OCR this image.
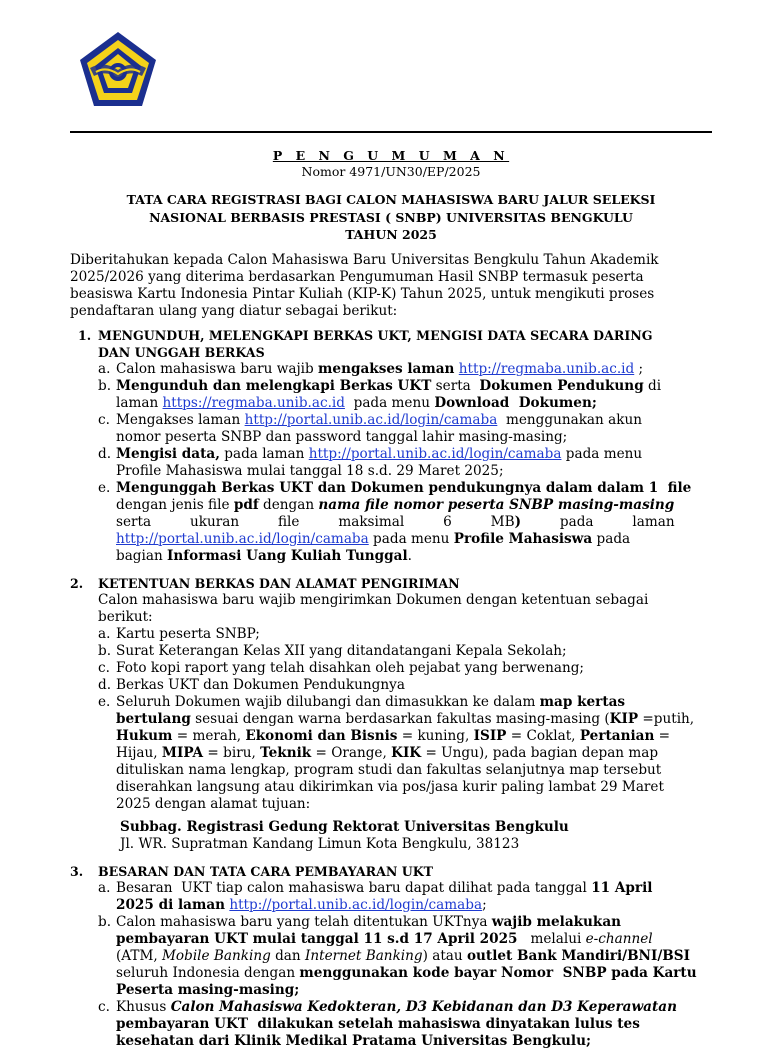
P E N G U M U M A N
Nomor 4971/UN30/EP/2025
TATA CARA REGISTRASI BAGI CALON MAHASISWA BARU JALUR SELEKSI
NASIONAL BERBASIS PRESTASI ( SNBP) UNIVERSITAS BENGKULU
TAHUN 2025
Diberitahukan kepada Calon Mahasiswa Baru Universitas Bengkulu Tahun Akademik
2025/2026 yang diterima berdasarkan Pengumuman Hasil SNBP termasuk peserta
beasiswa Kartu Indonesia Pintar Kuliah (KIP-K) Tahun 2025, untuk mengikuti proses
pendaftaran ulang yang diatur sebagai berikut:
1. MENGUNDUH, MELENGKAPI BERKAS UKT, MENGISI DATA SECARA DARING
DAN UNGGAH BERKAS
a. Calon mahasiswa baru wajib mengakses laman http://regmaba.unib.ac.id ;
b. Mengunduh dan melengkapi Berkas UKT serta  Dokumen Pendukung di
laman https://regmaba.unib.ac.id  pada menu Download  Dokumen;
c. Mengakses laman http://portal.unib.ac.id/login/camaba  menggunakan akun
nomor peserta SNBP dan password tanggal lahir masing-masing;
d. Mengisi data, pada laman http://portal.unib.ac.id/login/camaba pada menu
Profile Mahasiswa mulai tanggal 18 s.d. 29 Maret 2025;
e. Mengunggah Berkas UKT dan Dokumen pendukungnya dalam dalam 1  file
dengan jenis file pdf dengan nama file nomor peserta SNBP masing-masing
serta         ukuran         file         maksimal         6         MB)         pada         laman
http://portal.unib.ac.id/login/camaba pada menu Profile Mahasiswa pada
bagian Informasi Uang Kuliah Tunggal.
2.	KETENTUAN BERKAS DAN ALAMAT PENGIRIMAN
Calon mahasiswa baru wajib mengirimkan Dokumen dengan ketentuan sebagai
berikut:
a. Kartu peserta SNBP;
b. Surat Keterangan Kelas XII yang ditandatangani Kepala Sekolah;
c. Foto kopi raport yang telah disahkan oleh pejabat yang berwenang;
d. Berkas UKT dan Dokumen Pendukungnya
e. Seluruh Dokumen wajib dilubangi dan dimasukkan ke dalam map kertas
bertulang sesuai dengan warna berdasarkan fakultas masing-masing (KIP =putih,
Hukum = merah, Ekonomi dan Bisnis = kuning, ISIP = Coklat, Pertanian =
Hijau, MIPA = biru, Teknik = Orange, KIK = Ungu), pada bagian depan map
dituliskan nama lengkap, program studi dan fakultas selanjutnya map tersebut
diserahkan langsung atau dikirimkan via pos/jasa kurir paling lambat 29 Maret
2025 dengan alamat tujuan:
Subbag. Registrasi Gedung Rektorat Universitas Bengkulu
Jl. WR. Supratman Kandang Limun Kota Bengkulu, 38123
3.	BESARAN DAN TATA CARA PEMBAYARAN UKT
a. Besaran  UKT tiap calon mahasiswa baru dapat dilihat pada tanggal 11 April
2025 di laman http://portal.unib.ac.id/login/camaba;
b. Calon mahasiswa baru yang telah ditentukan UKTnya wajib melakukan
pembayaran UKT mulai tanggal 11 s.d 17 April 2025   melalui e-channel
(ATM, Mobile Banking dan Internet Banking) atau outlet Bank Mandiri/BNI/BSI
seluruh Indonesia dengan menggunakan kode bayar Nomor  SNBP pada Kartu
Peserta masing-masing;
c. Khusus Calon Mahasiswa Kedokteran, D3 Kebidanan dan D3 Keperawatan
pembayaran UKT  dilakukan setelah mahasiswa dinyatakan lulus tes
kesehatan dari Klinik Medikal Pratama Universitas Bengkulu;
